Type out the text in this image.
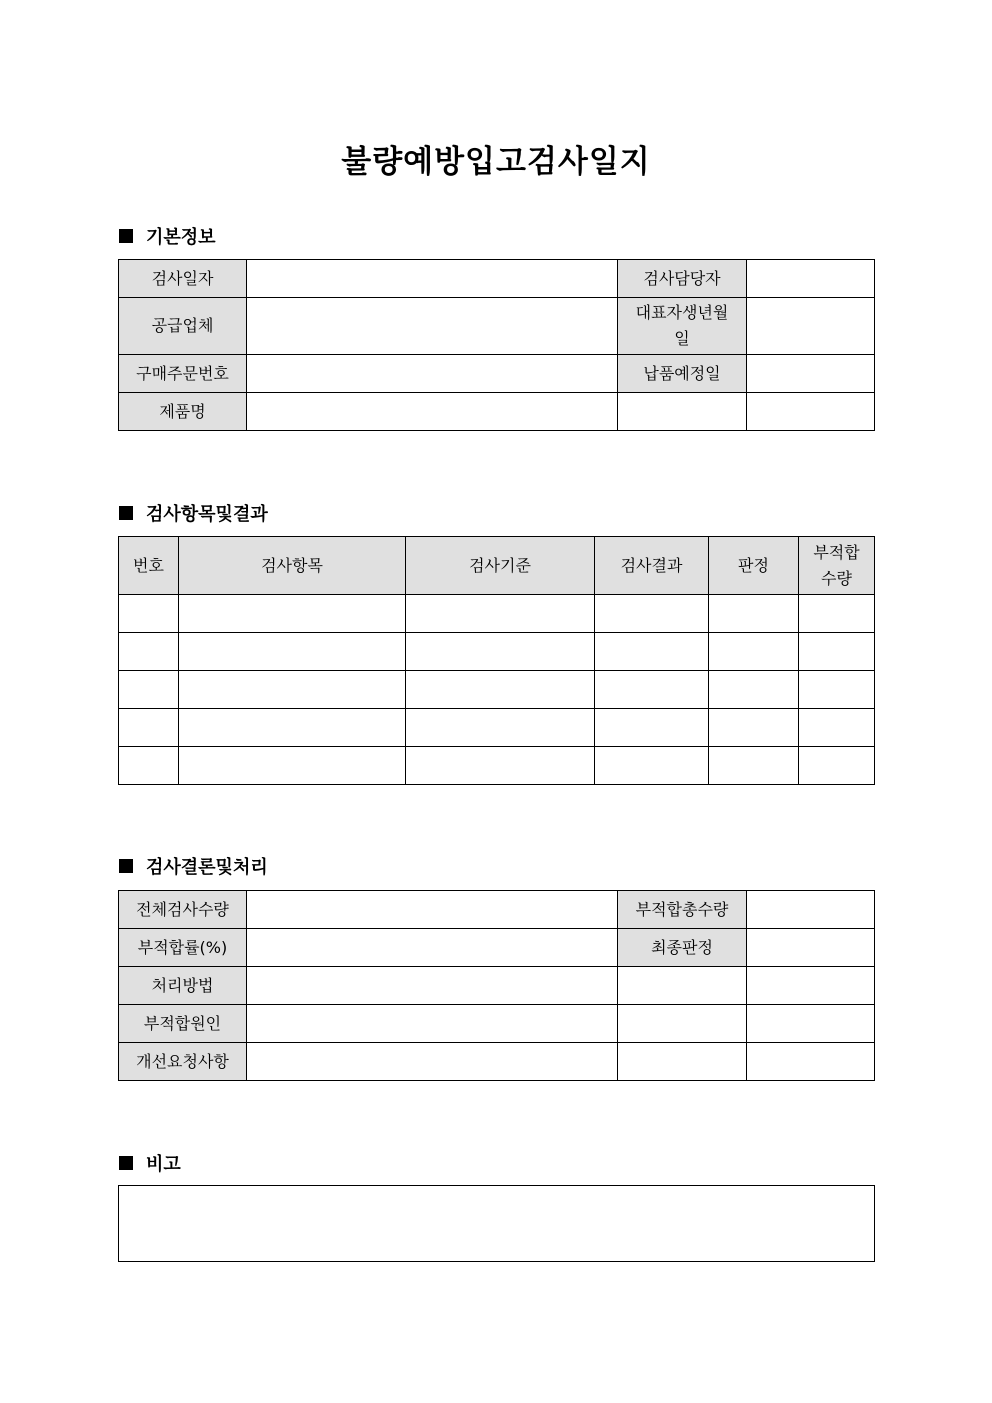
불량예방입고검사일지
기본정보
검사일자		검사담당자	
공급업체		대표자생년월일	
구매주문번호		납품예정일	
제품명			
검사항목및결과
번호	검사항목	검사기준	검사결과	판정	부적합수량

검사결론및처리
전체검사수량		부적합총수량	
부적합률(%)		최종판정	
처리방법			
부적합원인			
개선요청사항			
비고
